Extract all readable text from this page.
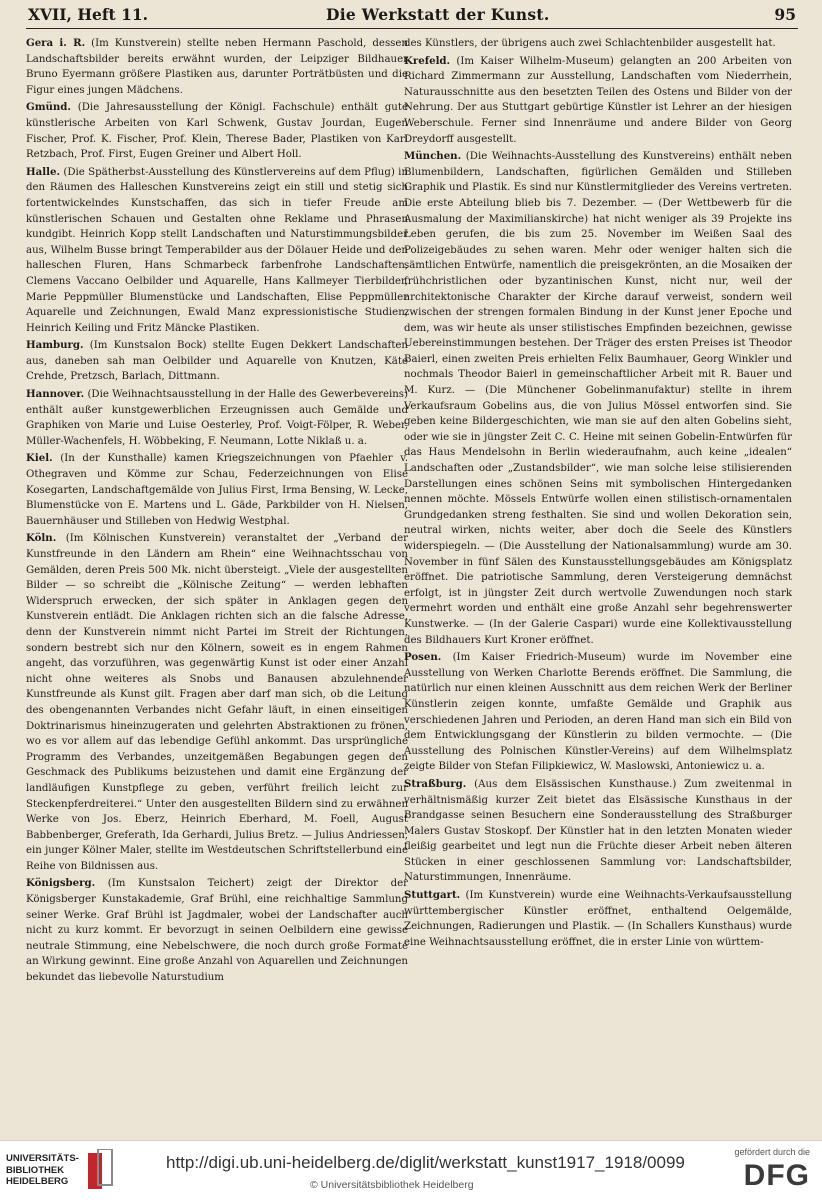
XVII, Heft 11.	Die Werkstatt der Kunst.	95

Gera i. R. (Im Kunstverein) stellte neben Hermann Paschold, dessen Landschaftsbilder bereits erwähnt wurden, der Leipziger Bildhauer Bruno Eyermann größere Plastiken aus, darunter Porträtbüsten und die Figur eines jungen Mädchens.

Gmünd. (Die Jahresausstellung der Königl. Fachschule) enthält gute künstlerische Arbeiten von Karl Schwenk, Gustav Jourdan, Eugen Fischer, Prof. K. Fischer, Prof. Klein, Therese Bader, Plastiken von Karl Retzbach, Prof. First, Eugen Greiner und Albert Holl.

Halle. (Die Spätherbst-Ausstellung des Künstlervereins auf dem Pflug) in den Räumen des Halleschen Kunstvereins zeigt ein still und stetig sich fortentwickelndes Kunstschaffen, das sich in tiefer Freude am künstlerischen Schauen und Gestalten ohne Reklame und Phrasen kundgibt. Heinrich Kopp stellt Landschaften und Naturstimmungsbilder aus, Wilhelm Busse bringt Temperabilder aus der Dölauer Heide und den halleschen Fluren, Hans Schmarbeck farbenfrohe Landschaften, Clemens Vaccano Oelbilder und Aquarelle, Hans Kallmeyer Tierbilder, Marie Peppmüller Blumenstücke und Landschaften, Elise Peppmüller Aquarelle und Zeichnungen, Ewald Manz expressionistische Studien, Heinrich Keiling und Fritz Mäncke Plastiken.

Hamburg. (Im Kunstsalon Bock) stellte Eugen Dekkert Landschaften aus, daneben sah man Oelbilder und Aquarelle von Knutzen, Käte Crehde, Pretzsch, Barlach, Dittmann.

Hannover. (Die Weihnachtsausstellung in der Halle des Gewerbevereins) enthält außer kunstgewerblichen Erzeugnissen auch Gemälde und Graphiken von Marie und Luise Oesterley, Prof. Voigt-Fölper, R. Weber, Müller-Wachenfels, H. Wöbbeking, F. Neumann, Lotte Niklaß u. a.

Kiel. (In der Kunsthalle) kamen Kriegszeichnungen von Pfaehler v. Othegraven und Kömme zur Schau, Federzeichnungen von Elise Kosegarten, Landschaftgemälde von Julius First, Irma Bensing, W. Lecke, Blumenstücke von E. Martens und L. Gäde, Parkbilder von H. Nielsen, Bauernhäuser und Stilleben von Hedwig Westphal.

Köln. (Im Kölnischen Kunstverein) veranstaltet der „Verband der Kunstfreunde in den Ländern am Rhein“ eine Weihnachtsschau von Gemälden, deren Preis 500 Mk. nicht übersteigt. „Viele der ausgestellten Bilder — so schreibt die „Kölnische Zeitung“ — werden lebhaften Widerspruch erwecken, der sich später in Anklagen gegen den Kunstverein entlädt. Die Anklagen richten sich an die falsche Adresse, denn der Kunstverein nimmt nicht Partei im Streit der Richtungen, sondern bestrebt sich nur den Kölnern, soweit es in engem Rahmen angeht, das vorzuführen, was gegenwärtig Kunst ist oder einer Anzahl nicht ohne weiteres als Snobs und Banausen abzulehnender Kunstfreunde als Kunst gilt. Fragen aber darf man sich, ob die Leitung des obengenannten Verbandes nicht Gefahr läuft, in einen einseitigen Doktrinarismus hineinzugeraten und gelehrten Abstraktionen zu frönen, wo es vor allem auf das lebendige Gefühl ankommt. Das ursprüngliche Programm des Verbandes, unzeitgemäßen Begabungen gegen den Geschmack des Publikums beizustehen und damit eine Ergänzung der landläufigen Kunstpflege zu geben, verführt freilich leicht zur Steckenpferdreiterei.“ Unter den ausgestellten Bildern sind zu erwähnen Werke von Jos. Eberz, Heinrich Eberhard, M. Foell, August Babbenberger, Greferath, Ida Gerhardi, Julius Bretz. — Julius Andriessen, ein junger Kölner Maler, stellte im Westdeutschen Schriftstellerbund eine Reihe von Bildnissen aus.

Königsberg. (Im Kunstsalon Teichert) zeigt der Direktor der Königsberger Kunstakademie, Graf Brühl, eine reichhaltige Sammlung seiner Werke. Graf Brühl ist Jagdmaler, wobei der Landschafter auch nicht zu kurz kommt. Er bevorzugt in seinen Oelbildern eine gewisse neutrale Stimmung, eine Nebelschwere, die noch durch große Formate an Wirkung gewinnt. Eine große Anzahl von Aquarellen und Zeichnungen bekundet das liebevolle Naturstudium

des Künstlers, der übrigens auch zwei Schlachtenbilder ausgestellt hat.

Krefeld. (Im Kaiser Wilhelm-Museum) gelangten an 200 Arbeiten von Richard Zimmermann zur Ausstellung, Landschaften vom Niederrhein, Naturausschnitte aus den besetzten Teilen des Ostens und Bilder von der Nehrung. Der aus Stuttgart gebürtige Künstler ist Lehrer an der hiesigen Weberschule. Ferner sind Innenräume und andere Bilder von Georg Dreydorff ausgestellt.

München. (Die Weihnachts-Ausstellung des Kunstvereins) enthält neben Blumenbildern, Landschaften, figürlichen Gemälden und Stilleben Graphik und Plastik. Es sind nur Künstlermitglieder des Vereins vertreten. Die erste Abteilung blieb bis 7. Dezember. — (Der Wettbewerb für die Ausmalung der Maximilianskirche) hat nicht weniger als 39 Projekte ins Leben gerufen, die bis zum 25. November im Weißen Saal des Polizeigebäudes zu sehen waren. Mehr oder weniger halten sich die sämtlichen Entwürfe, namentlich die preisgekrönten, an die Mosaiken der frühchristlichen oder byzantinischen Kunst, nicht nur, weil der architektonische Charakter der Kirche darauf verweist, sondern weil zwischen der strengen formalen Bindung in der Kunst jener Epoche und dem, was wir heute als unser stilistisches Empfinden bezeichnen, gewisse Uebereinstimmungen bestehen. Der Träger des ersten Preises ist Theodor Baierl, einen zweiten Preis erhielten Felix Baumhauer, Georg Winkler und nochmals Theodor Baierl in gemeinschaftlicher Arbeit mit R. Bauer und M. Kurz. — (Die Münchener Gobelinmanufaktur) stellte in ihrem Verkaufsraum Gobelins aus, die von Julius Mössel entworfen sind. Sie geben keine Bildergeschichten, wie man sie auf den alten Gobelins sieht, oder wie sie in jüngster Zeit C. C. Heine mit seinen Gobelin-Entwürfen für das Haus Mendelsohn in Berlin wiederaufnahm, auch keine „idealen“ Landschaften oder „Zustandsbilder“, wie man solche leise stilisierenden Darstellungen eines schönen Seins mit symbolischen Hintergedanken nennen möchte. Mössels Entwürfe wollen einen stilistisch-ornamentalen Grundgedanken streng festhalten. Sie sind und wollen Dekoration sein, neutral wirken, nichts weiter, aber doch die Seele des Künstlers widerspiegeln. — (Die Ausstellung der Nationalsammlung) wurde am 30. November in fünf Sälen des Kunstausstellungsgebäudes am Königsplatz eröffnet. Die patriotische Sammlung, deren Versteigerung demnächst erfolgt, ist in jüngster Zeit durch wertvolle Zuwendungen noch stark vermehrt worden und enthält eine große Anzahl sehr begehrenswerter Kunstwerke. — (In der Galerie Caspari) wurde eine Kollektivausstellung des Bildhauers Kurt Kroner eröffnet.

Posen. (Im Kaiser Friedrich-Museum) wurde im November eine Ausstellung von Werken Charlotte Berends eröffnet. Die Sammlung, die natürlich nur einen kleinen Ausschnitt aus dem reichen Werk der Berliner Künstlerin zeigen konnte, umfaßte Gemälde und Graphik aus verschiedenen Jahren und Perioden, an deren Hand man sich ein Bild von dem Entwicklungsgang der Künstlerin zu bilden vermochte. — (Die Ausstellung des Polnischen Künstler-Vereins) auf dem Wilhelmsplatz zeigte Bilder von Stefan Filipkiewicz, W. Maslowski, Antoniewicz u. a.

Straßburg. (Aus dem Elsässischen Kunsthause.) Zum zweitenmal in verhältnismäßig kurzer Zeit bietet das Elsässische Kunsthaus in der Brandgasse seinen Besuchern eine Sonderausstellung des Straßburger Malers Gustav Stoskopf. Der Künstler hat in den letzten Monaten wieder fleißig gearbeitet und legt nun die Früchte dieser Arbeit neben älteren Stücken in einer geschlossenen Sammlung vor: Landschaftsbilder, Naturstimmungen, Innenräume.

Stuttgart. (Im Kunstverein) wurde eine Weihnachts-Verkaufsausstellung württembergischer Künstler eröffnet, enthaltend Oelgemälde, Zeichnungen, Radierungen und Plastik. — (In Schallers Kunsthaus) wurde eine Weihnachtsausstellung eröffnet, die in erster Linie von württem-

UNIVERSITÄTS-
BIBLIOTHEK
HEIDELBERG
http://digi.ub.uni-heidelberg.de/diglit/werkstatt_kunst1917_1918/0099
© Universitätsbibliothek Heidelberg
gefördert durch die
DFG
